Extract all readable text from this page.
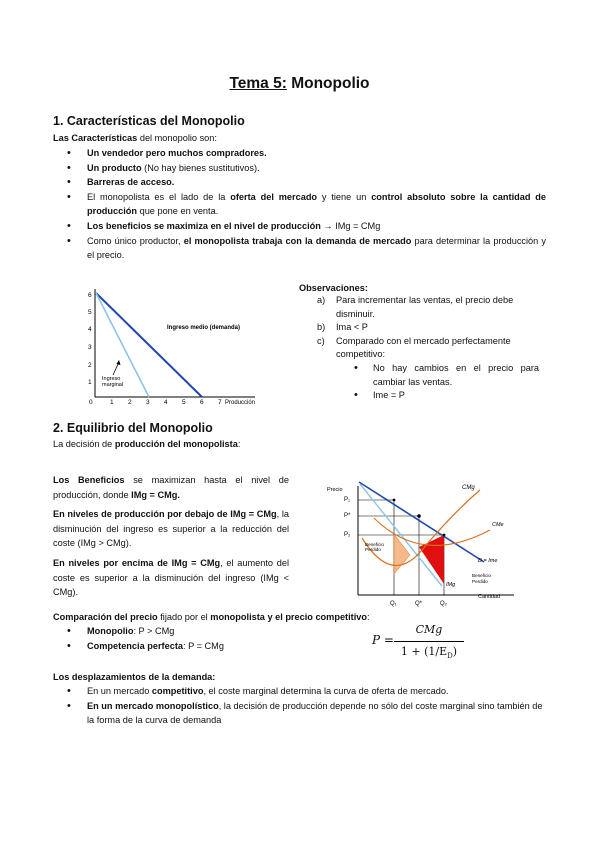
Tema 5: Monopolio
1. Características del Monopolio

Las Características del monopolio son:

• Un vendedor pero muchos compradores.
• Un producto (No hay bienes sustitutivos).
• Barreras de acceso.
• El monopolista es el lado de la oferta del mercado y tiene un control absoluto sobre la cantidad de producción que pone en venta.
• Los beneficios se maximiza en el nivel de producción → IMg = CMg
• Como único productor, el monopolista trabaja con la demanda de mercado para determinar la producción y el precio.
6
5
4
3
2
1
0	1 2 3 4 5 6 7 Producción
Ingreso medio (demanda)
Ingreso
marginal

Observaciones:

a) Para incrementar las ventas, el precio debe disminuir.
b) Ima < P
c) Comparado con el mercado perfectamente competitivo:
• No hay cambios en el precio para cambiar las ventas.
• Ime = P
2. Equilibrio del Monopolio

La decisión de producción del monopolista:

Los Beneficios se maximizan hasta el nivel de producción, donde IMg = CMg.

En niveles de producción por debajo de IMg = CMg, la disminución del ingreso es superior a la reducción del coste (IMg > CMg).

En niveles por encima de IMg = CMg, el aumento del coste es superior a la disminución del ingreso (IMg < CMg).

Precio
Cantidad
P₁
P*
P₂
CMg
CMe
D = Ime
IMg
Beneficio
Perdido
Beneficio
Perdido
Q₁	Q*	Q₂

Comparación del precio fijado por el monopolista y el precio competitivo:

• Monopolio: P > CMg
• Competencia perfecta: P = CMg	P =
CMg
$1 + (1/E_D)$

Los desplazamientos de la demanda:

• En un mercado competitivo, el coste marginal determina la curva de oferta de mercado.
• En un mercado monopolístico, la decisión de producción depende no sólo del coste marginal sino también de la forma de la curva de demanda
